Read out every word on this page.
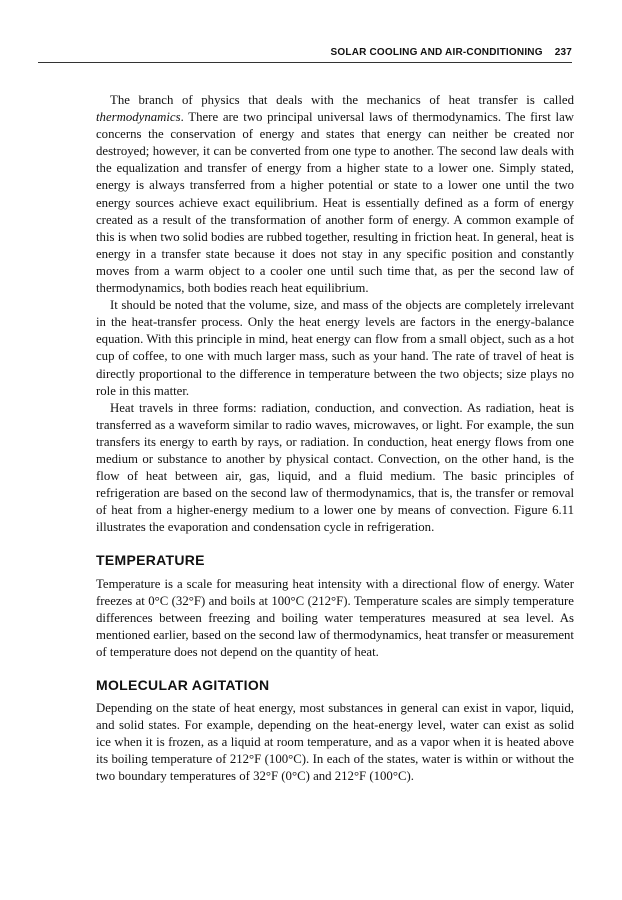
SOLAR COOLING AND AIR-CONDITIONING 237

The branch of physics that deals with the mechanics of heat transfer is called thermodynamics. There are two principal universal laws of thermodynamics. The first law concerns the conservation of energy and states that energy can neither be created nor destroyed; however, it can be converted from one type to another. The second law deals with the equalization and transfer of energy from a higher state to a lower one. Simply stated, energy is always transferred from a higher potential or state to a lower one until the two energy sources achieve exact equilibrium. Heat is essentially defined as a form of energy created as a result of the transformation of another form of energy. A common example of this is when two solid bodies are rubbed together, resulting in friction heat. In general, heat is energy in a transfer state because it does not stay in any specific position and constantly moves from a warm object to a cooler one until such time that, as per the second law of thermodynamics, both bodies reach heat equilibrium.

It should be noted that the volume, size, and mass of the objects are completely irrelevant in the heat-transfer process. Only the heat energy levels are factors in the energy-balance equation. With this principle in mind, heat energy can flow from a small object, such as a hot cup of coffee, to one with much larger mass, such as your hand. The rate of travel of heat is directly proportional to the difference in temperature between the two objects; size plays no role in this matter.

Heat travels in three forms: radiation, conduction, and convection. As radiation, heat is transferred as a waveform similar to radio waves, microwaves, or light. For example, the sun transfers its energy to earth by rays, or radiation. In conduction, heat energy flows from one medium or substance to another by physical contact. Convection, on the other hand, is the flow of heat between air, gas, liquid, and a fluid medium. The basic principles of refrigeration are based on the second law of thermodynamics, that is, the transfer or removal of heat from a higher-energy medium to a lower one by means of convection. Figure 6.11 illustrates the evaporation and condensation cycle in refrigeration.

TEMPERATURE

Temperature is a scale for measuring heat intensity with a directional flow of energy. Water freezes at 0°C (32°F) and boils at 100°C (212°F). Temperature scales are simply temperature differences between freezing and boiling water temperatures measured at sea level. As mentioned earlier, based on the second law of thermodynamics, heat transfer or measurement of temperature does not depend on the quantity of heat.

MOLECULAR AGITATION

Depending on the state of heat energy, most substances in general can exist in vapor, liquid, and solid states. For example, depending on the heat-energy level, water can exist as solid ice when it is frozen, as a liquid at room temperature, and as a vapor when it is heated above its boiling temperature of 212°F (100°C). In each of the states, water is within or without the two boundary temperatures of 32°F (0°C) and 212°F (100°C).
